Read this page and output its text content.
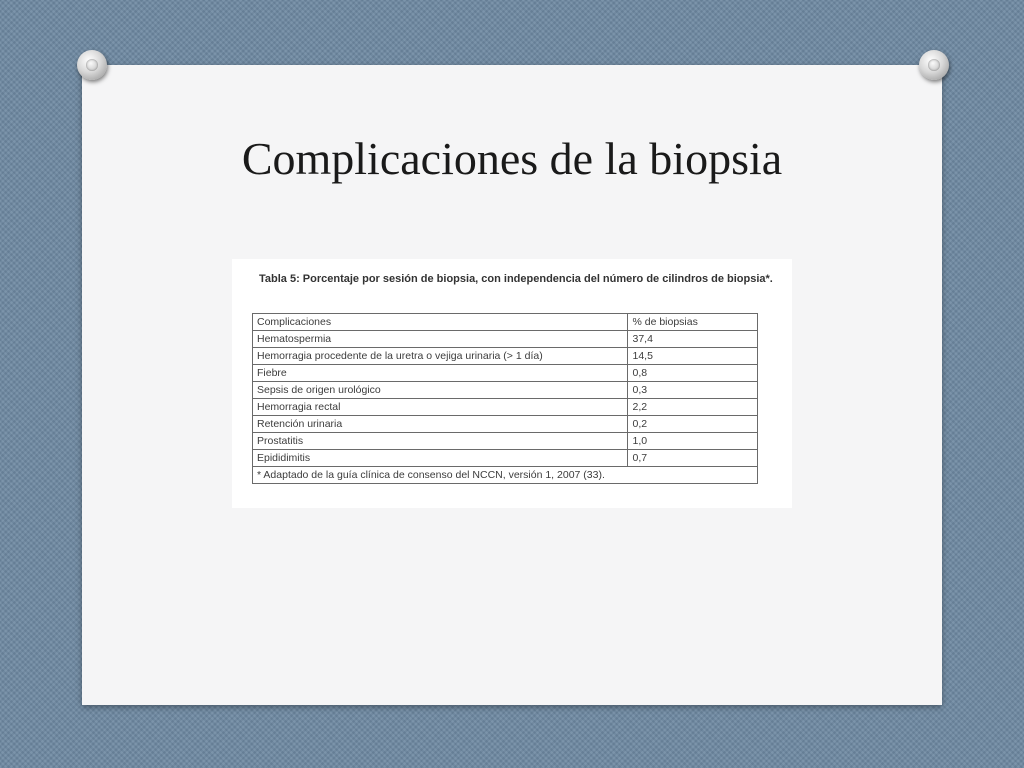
Complicaciones de la biopsia
Tabla 5: Porcentaje por sesión de biopsia, con independencia del número de cilindros de biopsia*.
Complicaciones	% de biopsias
Hematospermia	37,4
Hemorragia procedente de la uretra o vejiga urinaria (> 1 día)	14,5
Fiebre	0,8
Sepsis de origen urológico	0,3
Hemorragia rectal	2,2
Retención urinaria	0,2
Prostatitis	1,0
Epididimitis	0,7
* Adaptado de la guía clínica de consenso del NCCN, versión 1, 2007 (33).	
